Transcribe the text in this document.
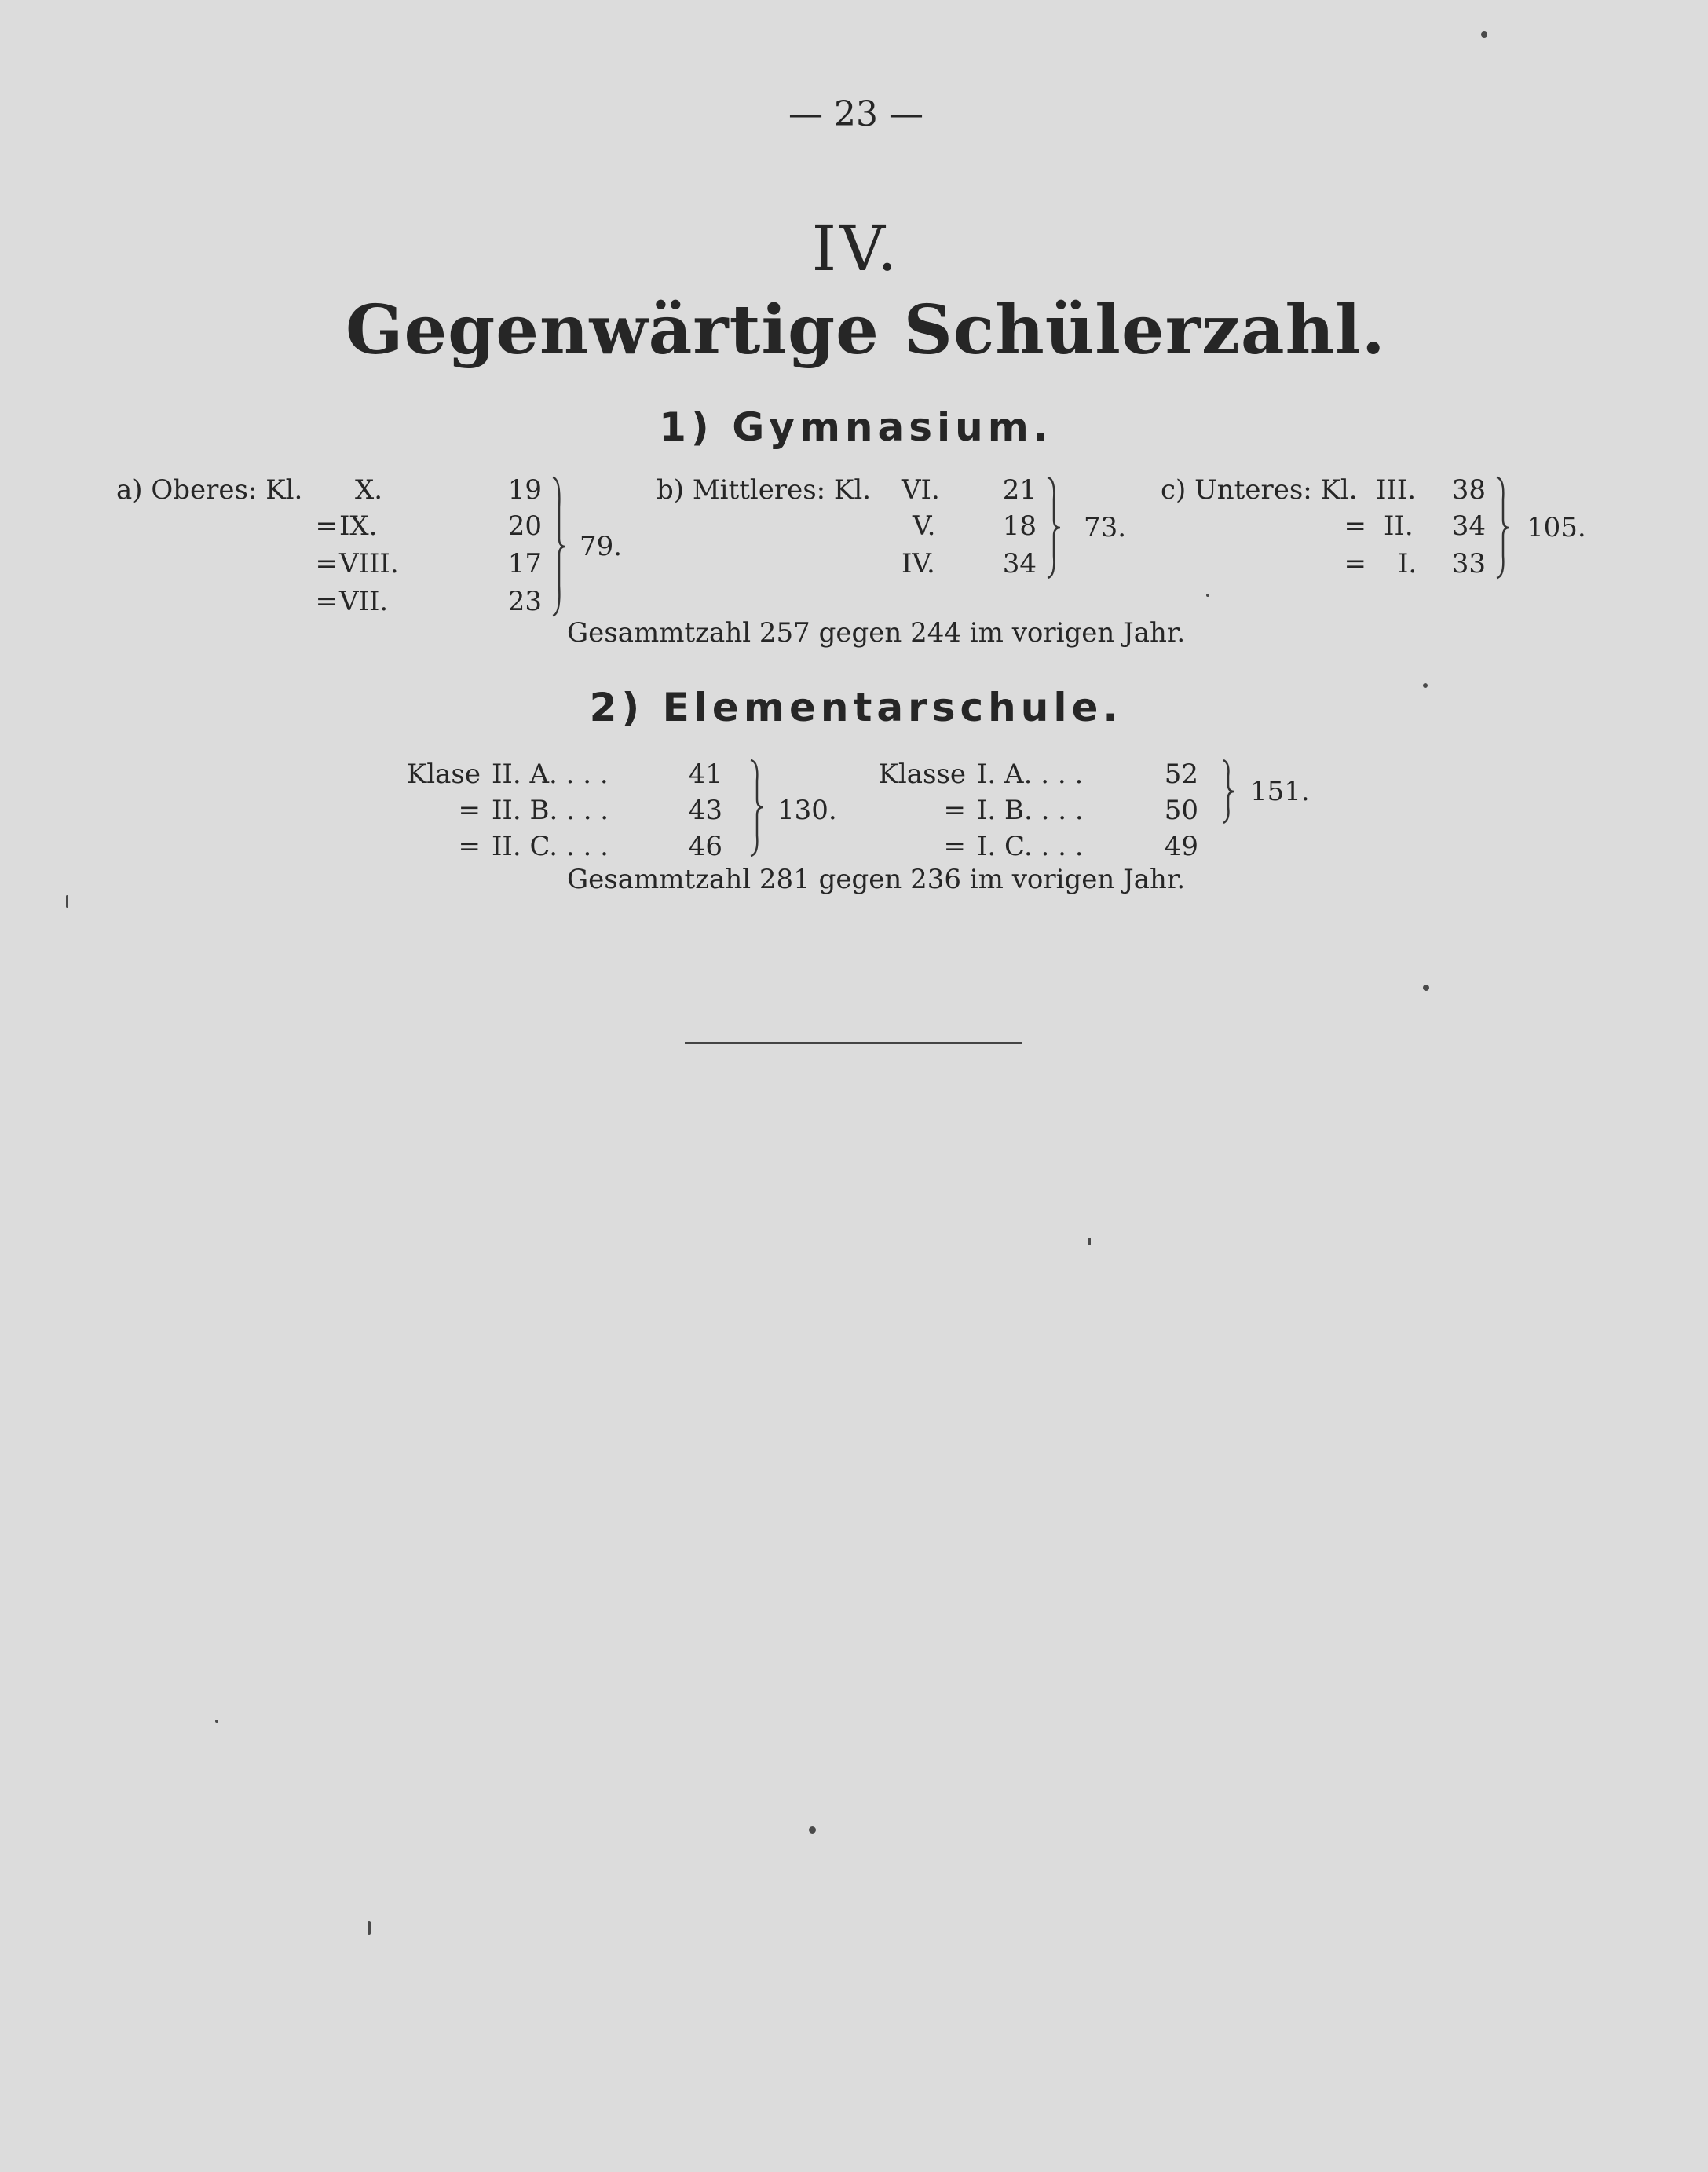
— 23 —
IV.
Gegenwärtige Schülerzahl.
1) Gymnasium.
a) Oberes: Kl.
=
=
=
X.
IX.
VIII.
VII.
19
20
17
23
79.
b) Mittleres: Kl. VI.
V.
IV.
21
18
34
73.
c) Unteres: Kl.
=
=
III.
II.
I.
38
34
33
105.
Gesammtzahl 257 gegen 244 im vorigen Jahr.
2) Elementarschule.
Klase
=
=
II. A. . . .
II. B. . . .
II. C. . . .
41
43
46
130.
Klasse
=
=
I. A. . . .
I. B. . . .
I. C. . . .
52
50
49
151.
Gesammtzahl 281 gegen 236 im vorigen Jahr.
